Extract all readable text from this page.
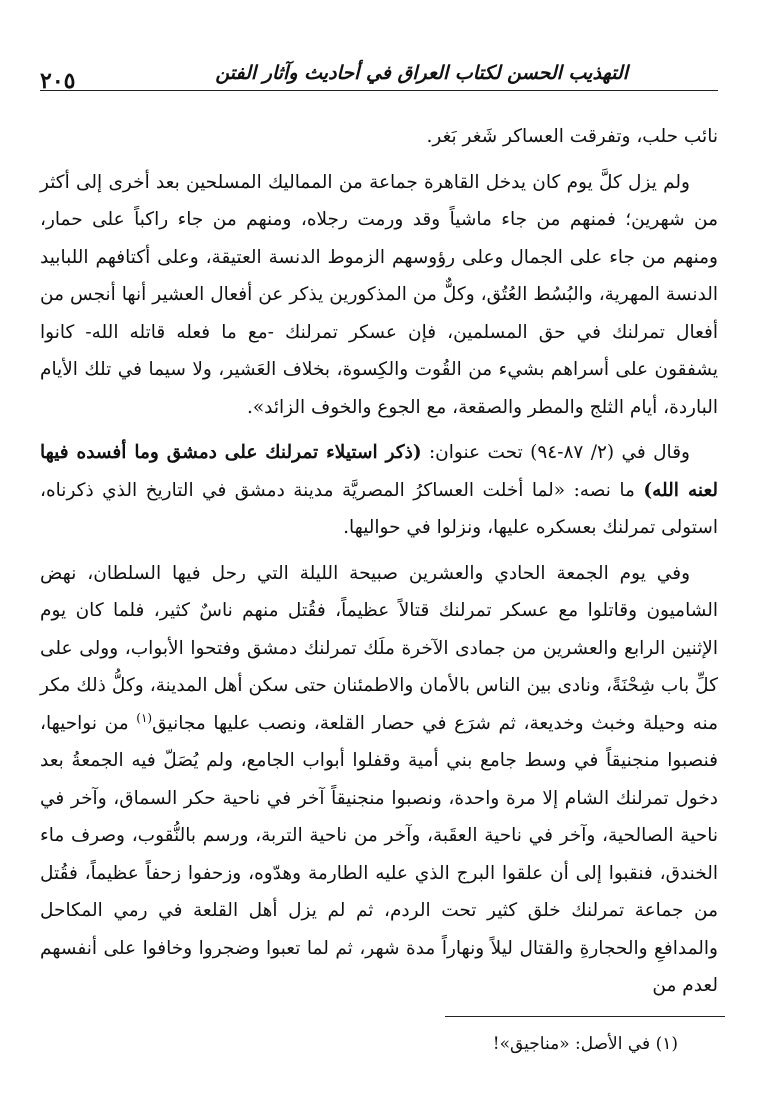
٢٠٥	التهذيب الحسن لكتاب العراق في أحاديث وآثار الفتن

نائب حلب، وتفرقت العساكر شَغر بَغر.

ولم يزل كلَّ يوم كان يدخل القاهرة جماعة من المماليك المسلحين بعد أخرى إلى أكثر من شهرين؛ فمنهم من جاء ماشياً وقد ورمت رجلاه، ومنهم من جاء راكباً على حمار، ومنهم من جاء على الجمال وعلى رؤوسهم الزموط الدنسة العتيقة، وعلى أكتافهم اللبابيد الدنسة المهرية، والبُسُط العُتُق، وكلٌّ من المذكورين يذكر عن أفعال العشير أنها أنجس من أفعال تمرلنك في حق المسلمين، فإن عسكر تمرلنك -مع ما فعله قاتله الله- كانوا يشفقون على أسراهم بشيء من القُوت والكِسوة، بخلاف العَشير، ولا سيما في تلك الأيام الباردة، أيام الثلج والمطر والصقعة، مع الجوع والخوف الزائد».

وقال في (٢/ ٨٧-٩٤) تحت عنوان: (ذكر استيلاء تمرلنك على دمشق وما أفسده فيها لعنه الله) ما نصه: «لما أخلت العساكرُ المصريَّة مدينة دمشق في التاريخ الذي ذكرناه، استولى تمرلنك بعسكره عليها، ونزلوا في حواليها.

وفي يوم الجمعة الحادي والعشرين صبيحة الليلة التي رحل فيها السلطان، نهض الشاميون وقاتلوا مع عسكر تمرلنك قتالاً عظيماً، فقُتل منهم ناسٌ كثير، فلما كان يوم الإثنين الرابع والعشرين من جمادى الآخرة ملَك تمرلنك دمشق وفتحوا الأبواب، وولى على كلِّ باب شِحْنَةً، ونادى بين الناس بالأمان والاطمئنان حتى سكن أهل المدينة، وكلُّ ذلك مكر منه وحيلة وخبث وخديعة، ثم شرَع في حصار القلعة، ونصب عليها مجانيق$^{(١)}$ من نواحيها، فنصبوا منجنيقاً في وسط جامع بني أمية وقفلوا أبواب الجامع، ولم يُصَلّ فيه الجمعةُ بعد دخول تمرلنك الشام إلا مرة واحدة، ونصبوا منجنيقاً آخر في ناحية حكر السماق، وآخر في ناحية الصالحية، وآخر في ناحية العقَبة، وآخر من ناحية التربة، ورسم بالنُّقوب، وصرف ماء الخندق، فنقبوا إلى أن علقوا البرج الذي عليه الطارمة وهدّوه، وزحفوا زحفاً عظيماً، فقُتل من جماعة تمرلنك خلق كثير تحت الردم، ثم لم يزل أهل القلعة في رمي المكاحل والمدافعِ والحجارةِ والقتال ليلاً ونهاراً مدة شهر، ثم لما تعبوا وضجروا وخافوا على أنفسهم لعدم من

(١) في الأصل: «مناجيق»!
